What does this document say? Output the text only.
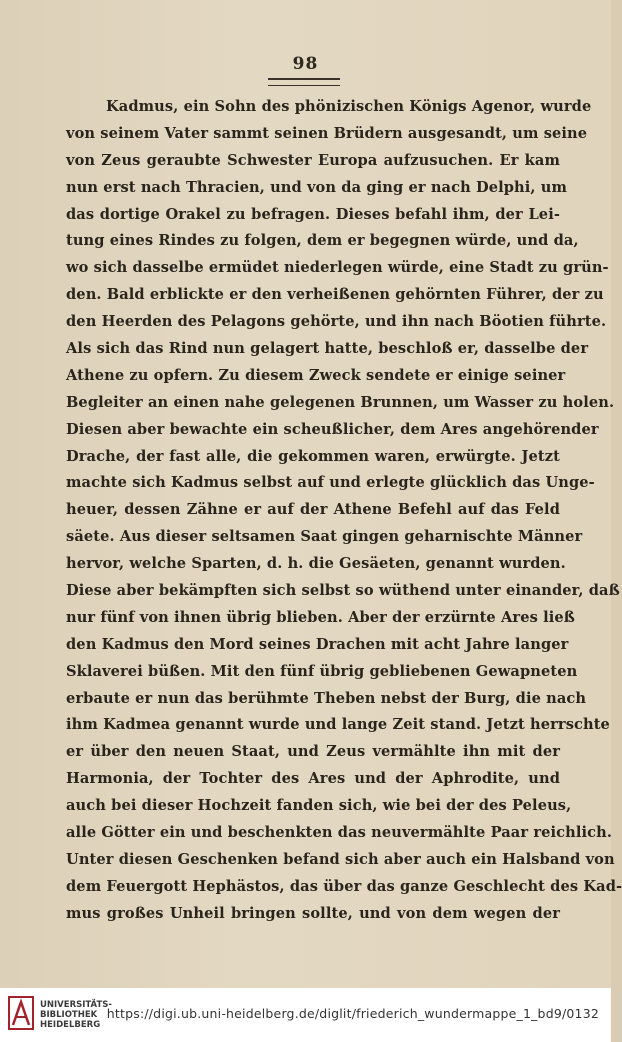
98
Kadmus, ein Sohn des phönizischen Königs Agenor, wurde
von seinem Vater sammt seinen Brüdern ausgesandt, um seine
von Zeus geraubte Schwester Europa aufzusuchen. Er kam
nun erst nach Thracien, und von da ging er nach Delphi, um
das dortige Orakel zu befragen. Dieses befahl ihm, der Lei-
tung eines Rindes zu folgen, dem er begegnen würde, und da,
wo sich dasselbe ermüdet niederlegen würde, eine Stadt zu grün-
den. Bald erblickte er den verheißenen gehörnten Führer, der zu
den Heerden des Pelagons gehörte, und ihn nach Böotien führte.
Als sich das Rind nun gelagert hatte, beschloß er, dasselbe der
Athene zu opfern. Zu diesem Zweck sendete er einige seiner
Begleiter an einen nahe gelegenen Brunnen, um Wasser zu holen.
Diesen aber bewachte ein scheußlicher, dem Ares angehörender
Drache, der fast alle, die gekommen waren, erwürgte. Jetzt
machte sich Kadmus selbst auf und erlegte glücklich das Unge-
heuer, dessen Zähne er auf der Athene Befehl auf das Feld
säete. Aus dieser seltsamen Saat gingen geharnischte Männer
hervor, welche Sparten, d. h. die Gesäeten, genannt wurden.
Diese aber bekämpften sich selbst so wüthend unter einander, daß
nur fünf von ihnen übrig blieben. Aber der erzürnte Ares ließ
den Kadmus den Mord seines Drachen mit acht Jahre langer
Sklaverei büßen. Mit den fünf übrig gebliebenen Gewapneten
erbaute er nun das berühmte Theben nebst der Burg, die nach
ihm Kadmea genannt wurde und lange Zeit stand. Jetzt herrschte
er über den neuen Staat, und Zeus vermählte ihn mit der
Harmonia, der Tochter des Ares und der Aphrodite, und
auch bei dieser Hochzeit fanden sich, wie bei der des Peleus,
alle Götter ein und beschenkten das neuvermählte Paar reichlich.
Unter diesen Geschenken befand sich aber auch ein Halsband von
dem Feuergott Hephästos, das über das ganze Geschlecht des Kad-
mus großes Unheil bringen sollte, und von dem wegen der
UNIVERSITÄTS-
BIBLIOTHEK
HEIDELBERG
https://digi.ub.uni-heidelberg.de/diglit/friederich_wundermappe_1_bd9/0132
